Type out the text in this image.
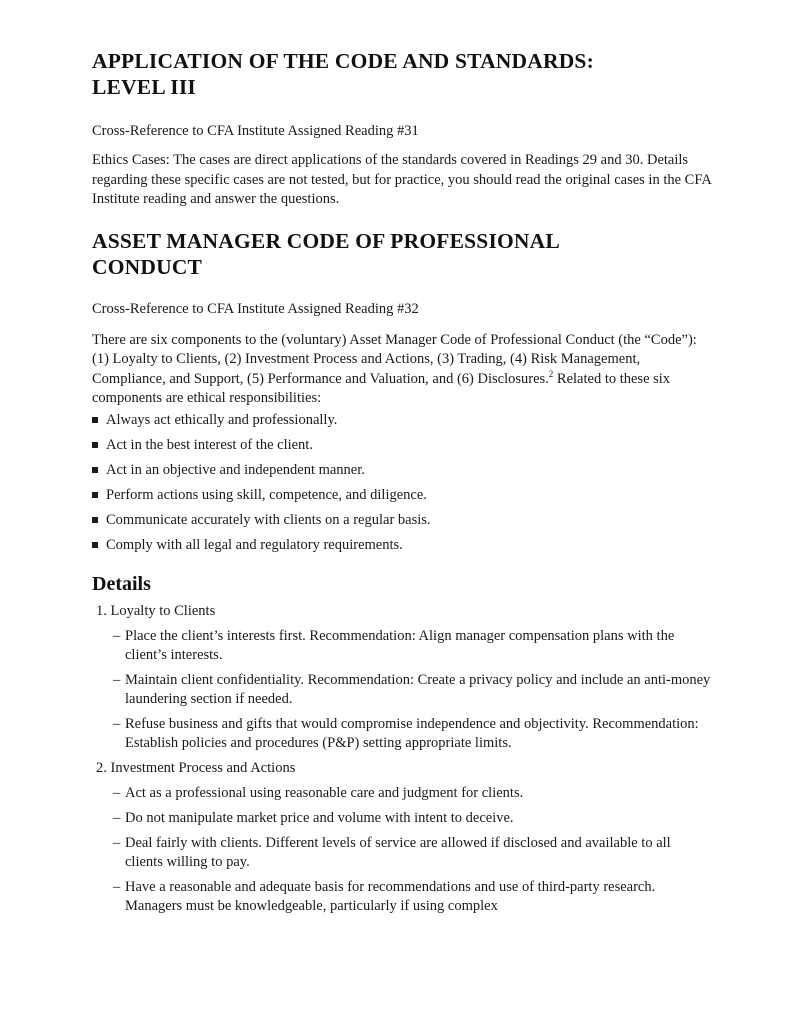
APPLICATION OF THE CODE AND STANDARDS:
LEVEL III

Cross-Reference to CFA Institute Assigned Reading #31

Ethics Cases: The cases are direct applications of the standards covered in Readings 29 and 30. Details regarding these specific cases are not tested, but for practice, you should read the original cases in the CFA Institute reading and answer the questions.

ASSET MANAGER CODE OF PROFESSIONAL
CONDUCT

Cross-Reference to CFA Institute Assigned Reading #32

There are six components to the (voluntary) Asset Manager Code of Professional Conduct (the “Code”): (1) Loyalty to Clients, (2) Investment Process and Actions, (3) Trading, (4) Risk Management, Compliance, and Support, (5) Performance and Valuation, and (6) Disclosures.$^2$ Related to these six components are ethical responsibilities:

Always act ethically and professionally.
Act in the best interest of the client.
Act in an objective and independent manner.
Perform actions using skill, competence, and diligence.
Communicate accurately with clients on a regular basis.
Comply with all legal and regulatory requirements.
Details

1. Loyalty to Clients

– Place the client’s interests first. Recommendation: Align manager compensation plans with the client’s interests.

– Maintain client confidentiality. Recommendation: Create a privacy policy and include an anti-money laundering section if needed.

– Refuse business and gifts that would compromise independence and objectivity. Recommendation: Establish policies and procedures (P&P) setting appropriate limits.

2. Investment Process and Actions

– Act as a professional using reasonable care and judgment for clients.

– Do not manipulate market price and volume with intent to deceive.

– Deal fairly with clients. Different levels of service are allowed if disclosed and available to all clients willing to pay.

– Have a reasonable and adequate basis for recommendations and use of third-party research. Managers must be knowledgeable, particularly if using complex
